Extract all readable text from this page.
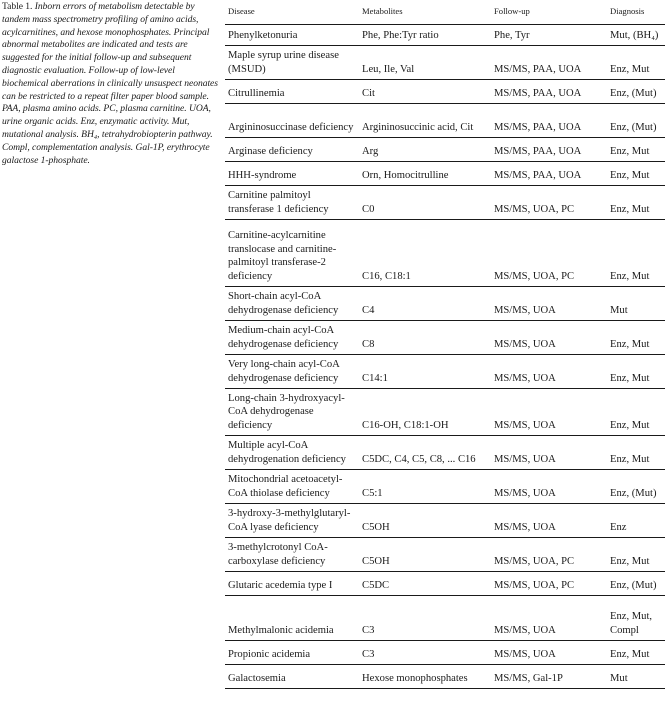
Table 1. Inborn errors of metabolism detectable by tandem mass spectrometry profiling of amino acids, acylcarnitines, and hexose monophosphates. Principal abnormal metabolites are indicated and tests are suggested for the initial follow-up and subsequent diagnostic evaluation. Follow-up of low-level biochemical aberrations in clinically unsuspect neonates can be restricted to a repeat filter paper blood sample. PAA, plasma amino acids. PC, plasma carnitine. UOA, urine organic acids. Enz, enzymatic activity. Mut, mutational analysis. BH₄, tetrahydrobiopterin pathway. Compl, complementation analysis. Gal-1P, erythrocyte galactose 1-phosphate.

Disease	Metabolites	Follow-up	Diagnosis
Phenylketonuria	Phe, Phe:Tyr ratio	Phe, Tyr	Mut, (BH₄)
Maple syrup urine disease (MSUD)	Leu, Ile, Val	MS/MS, PAA, UOA	Enz, Mut
Citrullinemia	Cit	MS/MS, PAA, UOA	Enz, (Mut)
Argininosuccinase deficiency	Argininosuccinic acid, Cit	MS/MS, PAA, UOA	Enz, (Mut)
Arginase deficiency	Arg	MS/MS, PAA, UOA	Enz, Mut
HHH-syndrome	Orn, Homocitrulline	MS/MS, PAA, UOA	Enz, Mut
Carnitine palmitoyl transferase 1 deficiency	C0	MS/MS, UOA, PC	Enz, Mut
Carnitine-acylcarnitine translocase and carnitine-palmitoyl transferase-2 deficiency	C16, C18:1	MS/MS, UOA, PC	Enz, Mut
Short-chain acyl-CoA dehydrogenase deficiency	C4	MS/MS, UOA	Mut
Medium-chain acyl-CoA dehydrogenase deficiency	C8	MS/MS, UOA	Enz, Mut
Very long-chain acyl-CoA dehydrogenase deficiency	C14:1	MS/MS, UOA	Enz, Mut
Long-chain 3-hydroxyacyl-CoA dehydrogenase deficiency	C16-OH, C18:1-OH	MS/MS, UOA	Enz, Mut
Multiple acyl-CoA dehydrogenation deficiency	C5DC, C4, C5, C8, ... C16	MS/MS, UOA	Enz, Mut
Mitochondrial acetoacetyl-CoA thiolase deficiency	C5:1	MS/MS, UOA	Enz, (Mut)
3-hydroxy-3-methylglutaryl-CoA lyase deficiency	C5OH	MS/MS, UOA	Enz
3-methylcrotonyl CoA-carboxylase deficiency	C5OH	MS/MS, UOA, PC	Enz, Mut
Glutaric acedemia type I	C5DC	MS/MS, UOA, PC	Enz, (Mut)
Methylmalonic acidemia	C3	MS/MS, UOA	Enz, Mut, Compl
Propionic acidemia	C3	MS/MS, UOA	Enz, Mut
Galactosemia	Hexose monophosphates	MS/MS, Gal-1P	Mut
